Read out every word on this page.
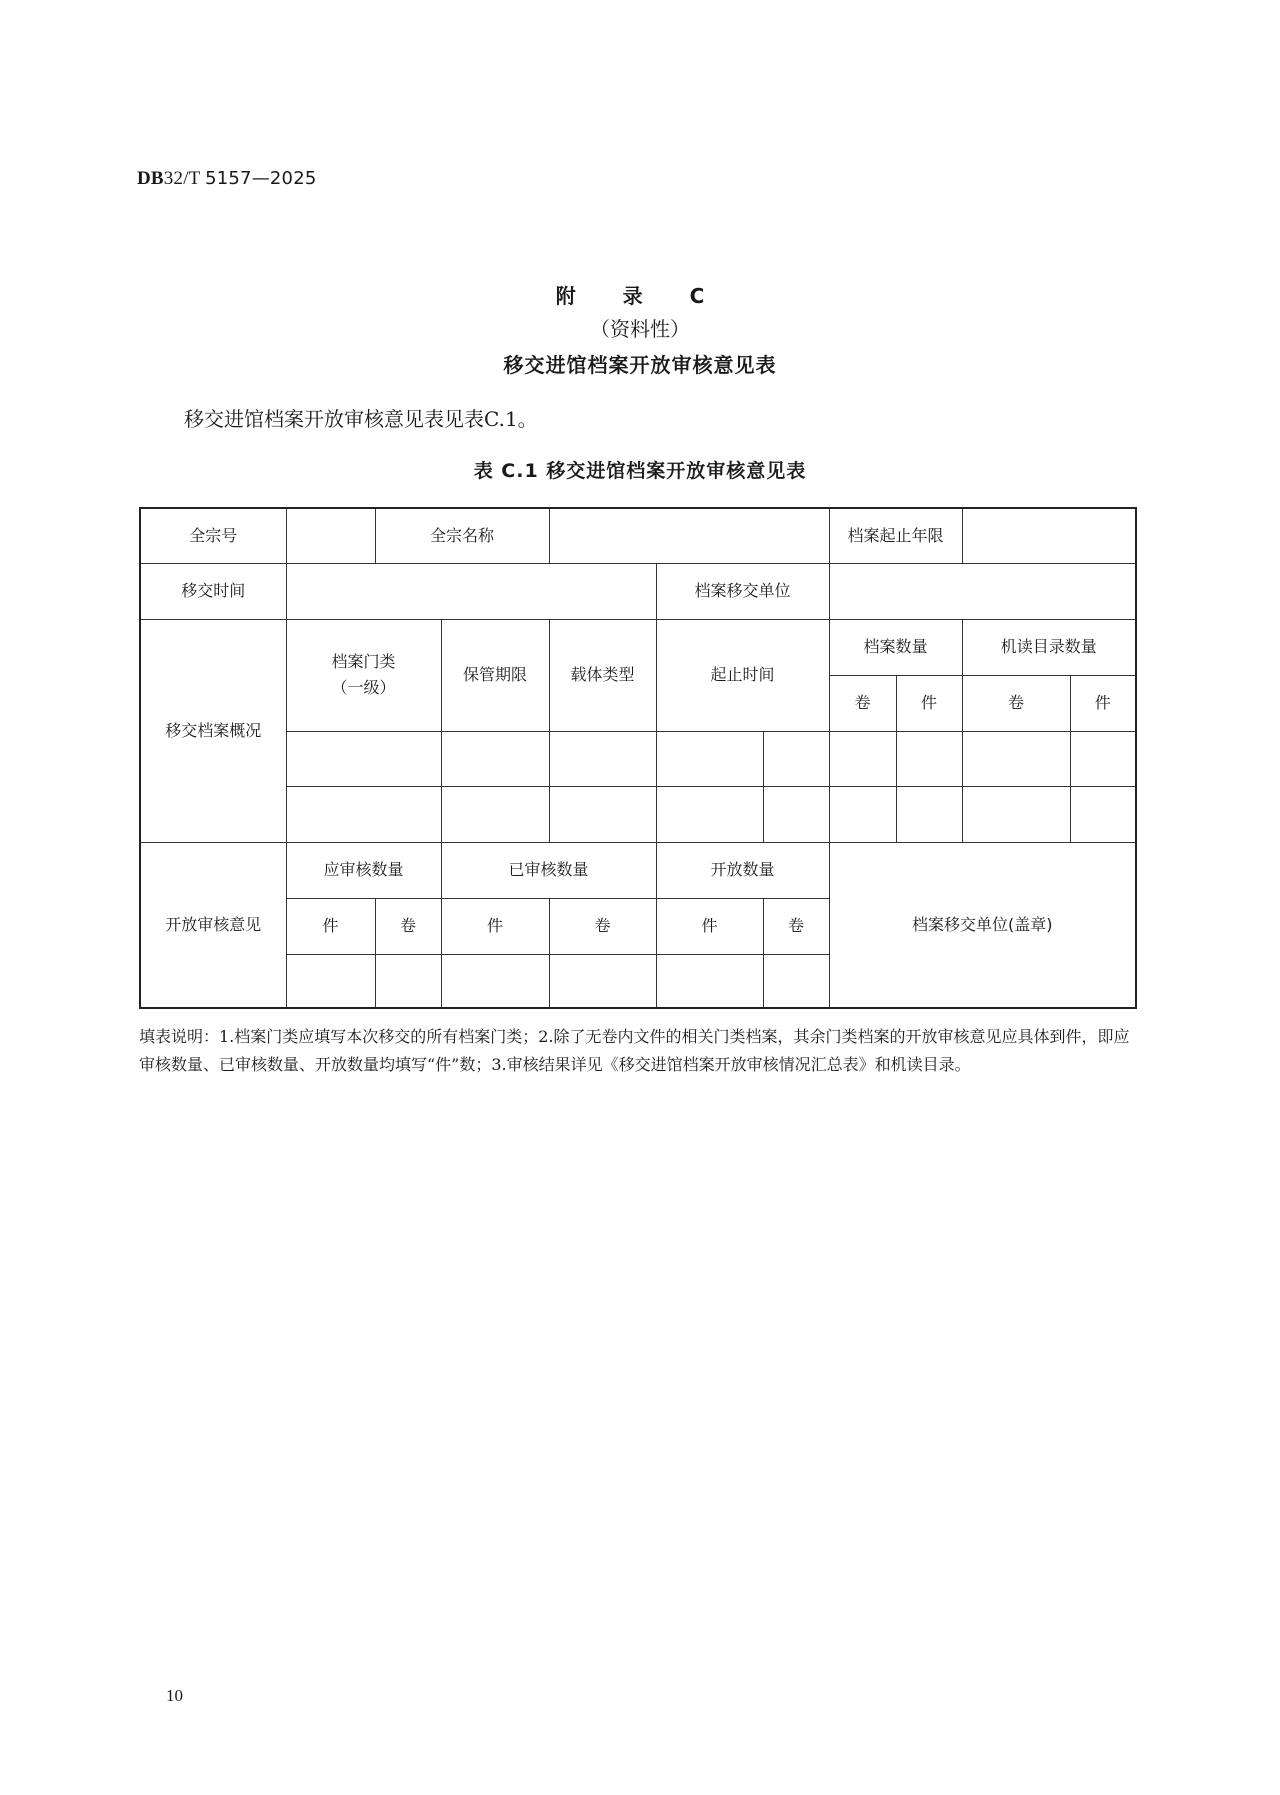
DB32/T 5157—2025
附 录 C
（资料性）
移交进馆档案开放审核意见表
移交进馆档案开放审核意见表见表C.1。
表 C.1 移交进馆档案开放审核意见表
全宗号		全宗名称					档案起止年限			
移交时间					档案移交单位					
移交档案概况	档案门类
（一级）		保管期限	载体类型	起止时间		档案数量		机读目录数量	
							卷	件	卷	件

开放审核意见	应审核数量		已审核数量		开放数量		档案移交单位(盖章)			
	件	卷	件	卷	件	卷				

填表说明：1.档案门类应填写本次移交的所有档案门类；2.除了无卷内文件的相关门类档案，其余门类档案的开放审核意见应具体到件，即应审核数量、已审核数量、开放数量均填写“件”数；3.审核结果详见《移交进馆档案开放审核情况汇总表》和机读目录。
10
